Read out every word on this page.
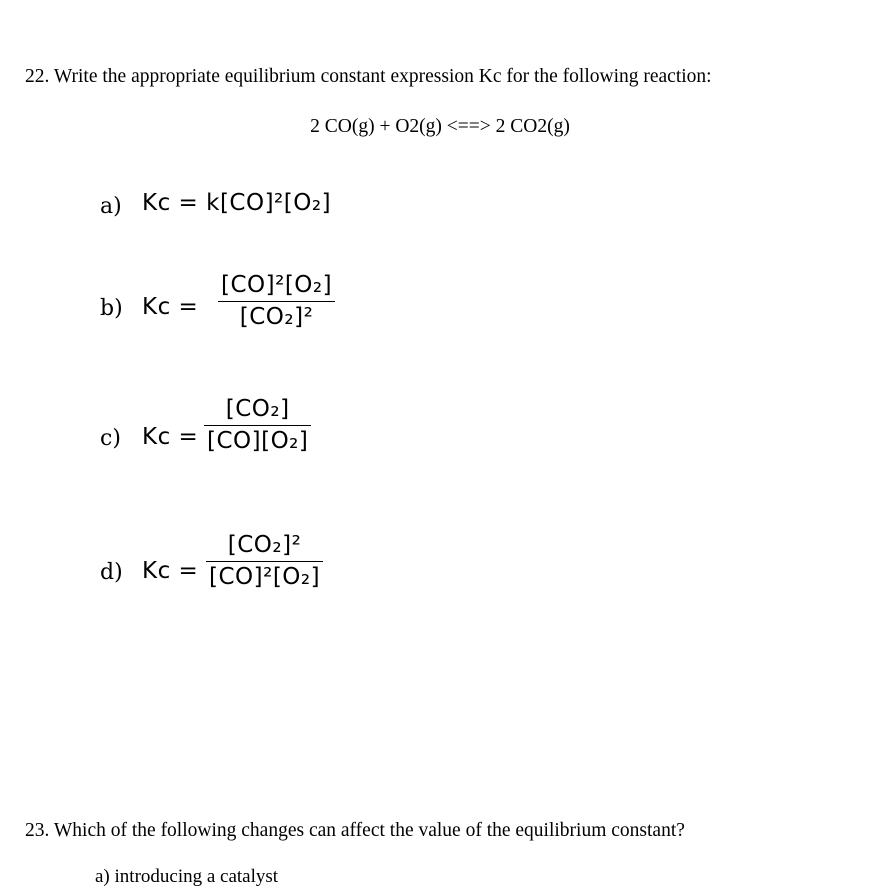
22. Write the appropriate equilibrium constant expression Kc for the following reaction:
2 CO(g) + O2(g) <==> 2 CO2(g)
a) Kc = k[CO]²[O₂]
b) Kc =
[CO]²[O₂]
[CO₂]²
c) Kc =
[CO₂]
[CO][O₂]
d) Kc =
[CO₂]²
[CO]²[O₂]
23. Which of the following changes can affect the value of the equilibrium constant?
a) introducing a catalyst
